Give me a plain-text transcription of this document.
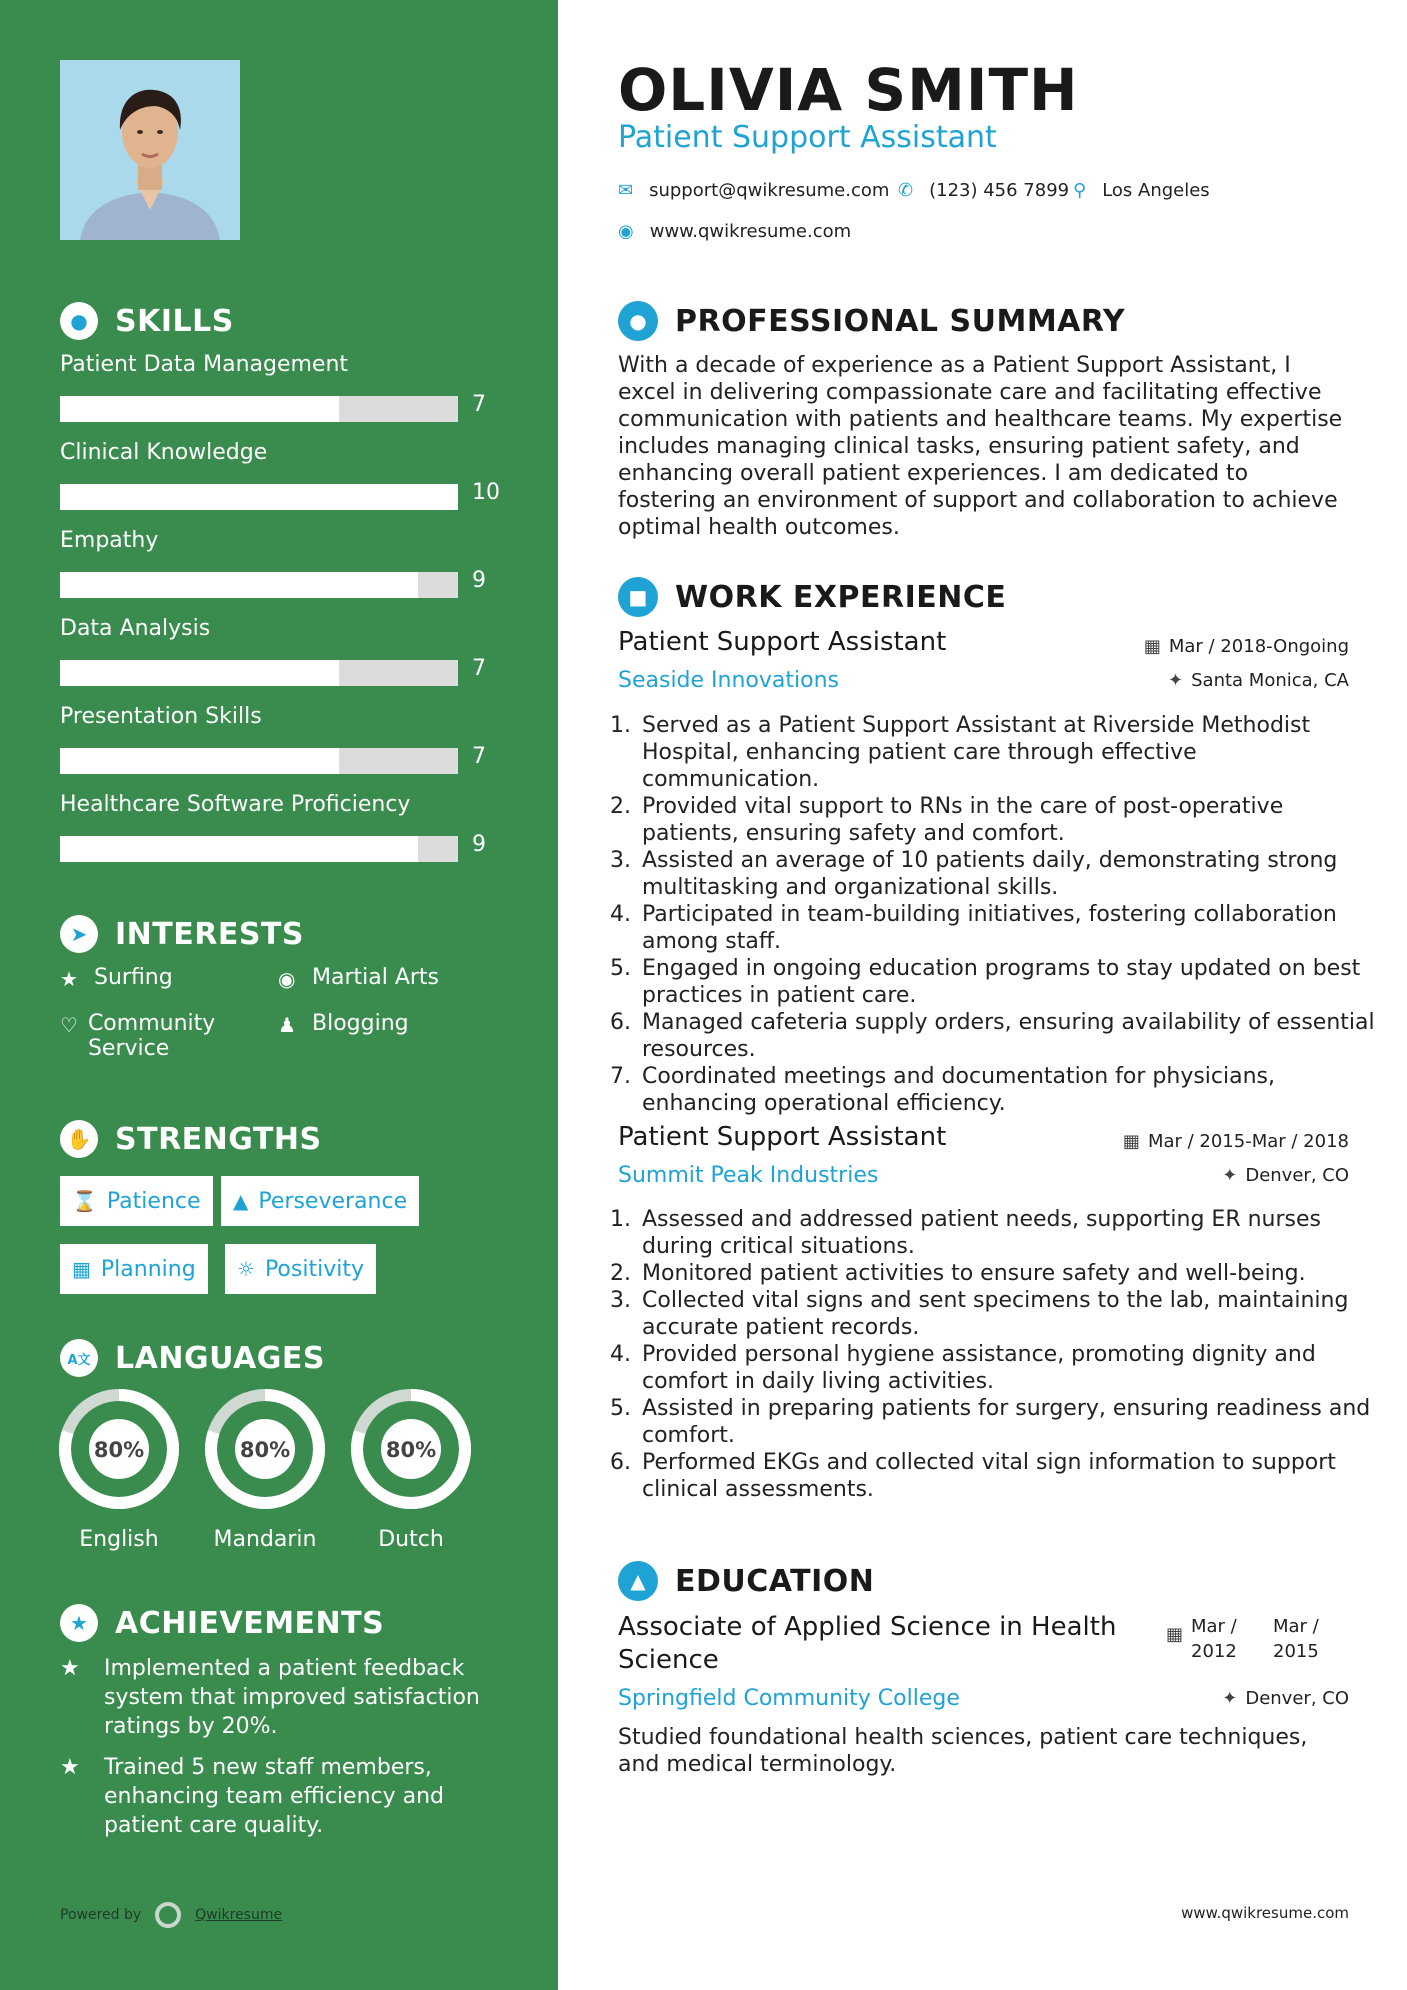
● SKILLS
Patient Data Management
7
Clinical Knowledge
10
Empathy
9
Data Analysis
7
Presentation Skills
7
Healthcare Software Proficiency
9
➤ INTERESTS
★ Surfing	◉ Martial Arts
♡ Community Service
♟ Blogging
✋ STRENGTHS
⌛ Patience ▲ Perseverance
▦ Planning ☼ Positivity
A文 LANGUAGES
80%
English
80%
Mandarin
80%
Dutch
★ ACHIEVEMENTS
★	Implemented a patient feedback system that improved satisfaction ratings by 20%.
★	Trained 5 new staff members, enhancing team efficiency and patient care quality.
Powered by	Qwikresume
OLIVIA SMITH
Patient Support Assistant
✉ support@qwikresume.com ✆ (123) 456 7899 ⚲ Los Angeles
◉ www.qwikresume.com
● PROFESSIONAL SUMMARY
With a decade of experience as a Patient Support Assistant, I excel in delivering compassionate care and facilitating effective communication with patients and healthcare teams. My expertise includes managing clinical tasks, ensuring patient safety, and enhancing overall patient experiences. I am dedicated to fostering an environment of support and collaboration to achieve optimal health outcomes.
■ WORK EXPERIENCE
Patient Support Assistant	▦ Mar / 2018-Ongoing
Seaside Innovations	✦ Santa Monica, CA
1. Served as a Patient Support Assistant at Riverside Methodist Hospital, enhancing patient care through effective communication.
2. Provided vital support to RNs in the care of post-operative patients, ensuring safety and comfort.
3. Assisted an average of 10 patients daily, demonstrating strong multitasking and organizational skills.
4. Participated in team-building initiatives, fostering collaboration among staff.
5. Engaged in ongoing education programs to stay updated on best practices in patient care.
6. Managed cafeteria supply orders, ensuring availability of essential resources.
7. Coordinated meetings and documentation for physicians, enhancing operational efficiency.
Patient Support Assistant	▦ Mar / 2015-Mar / 2018
Summit Peak Industries	✦ Denver, CO
1. Assessed and addressed patient needs, supporting ER nurses during critical situations.
2. Monitored patient activities to ensure safety and well-being.
3. Collected vital signs and sent specimens to the lab, maintaining accurate patient records.
4. Provided personal hygiene assistance, promoting dignity and comfort in daily living activities.
5. Assisted in preparing patients for surgery, ensuring readiness and comfort.
6. Performed EKGs and collected vital sign information to support clinical assessments.
▲ EDUCATION
Associate of Applied Science in Health Science
▦ Mar / 2012
Mar / 2015
Springfield Community College	✦ Denver, CO
Studied foundational health sciences, patient care techniques, and medical terminology.
www.qwikresume.com
